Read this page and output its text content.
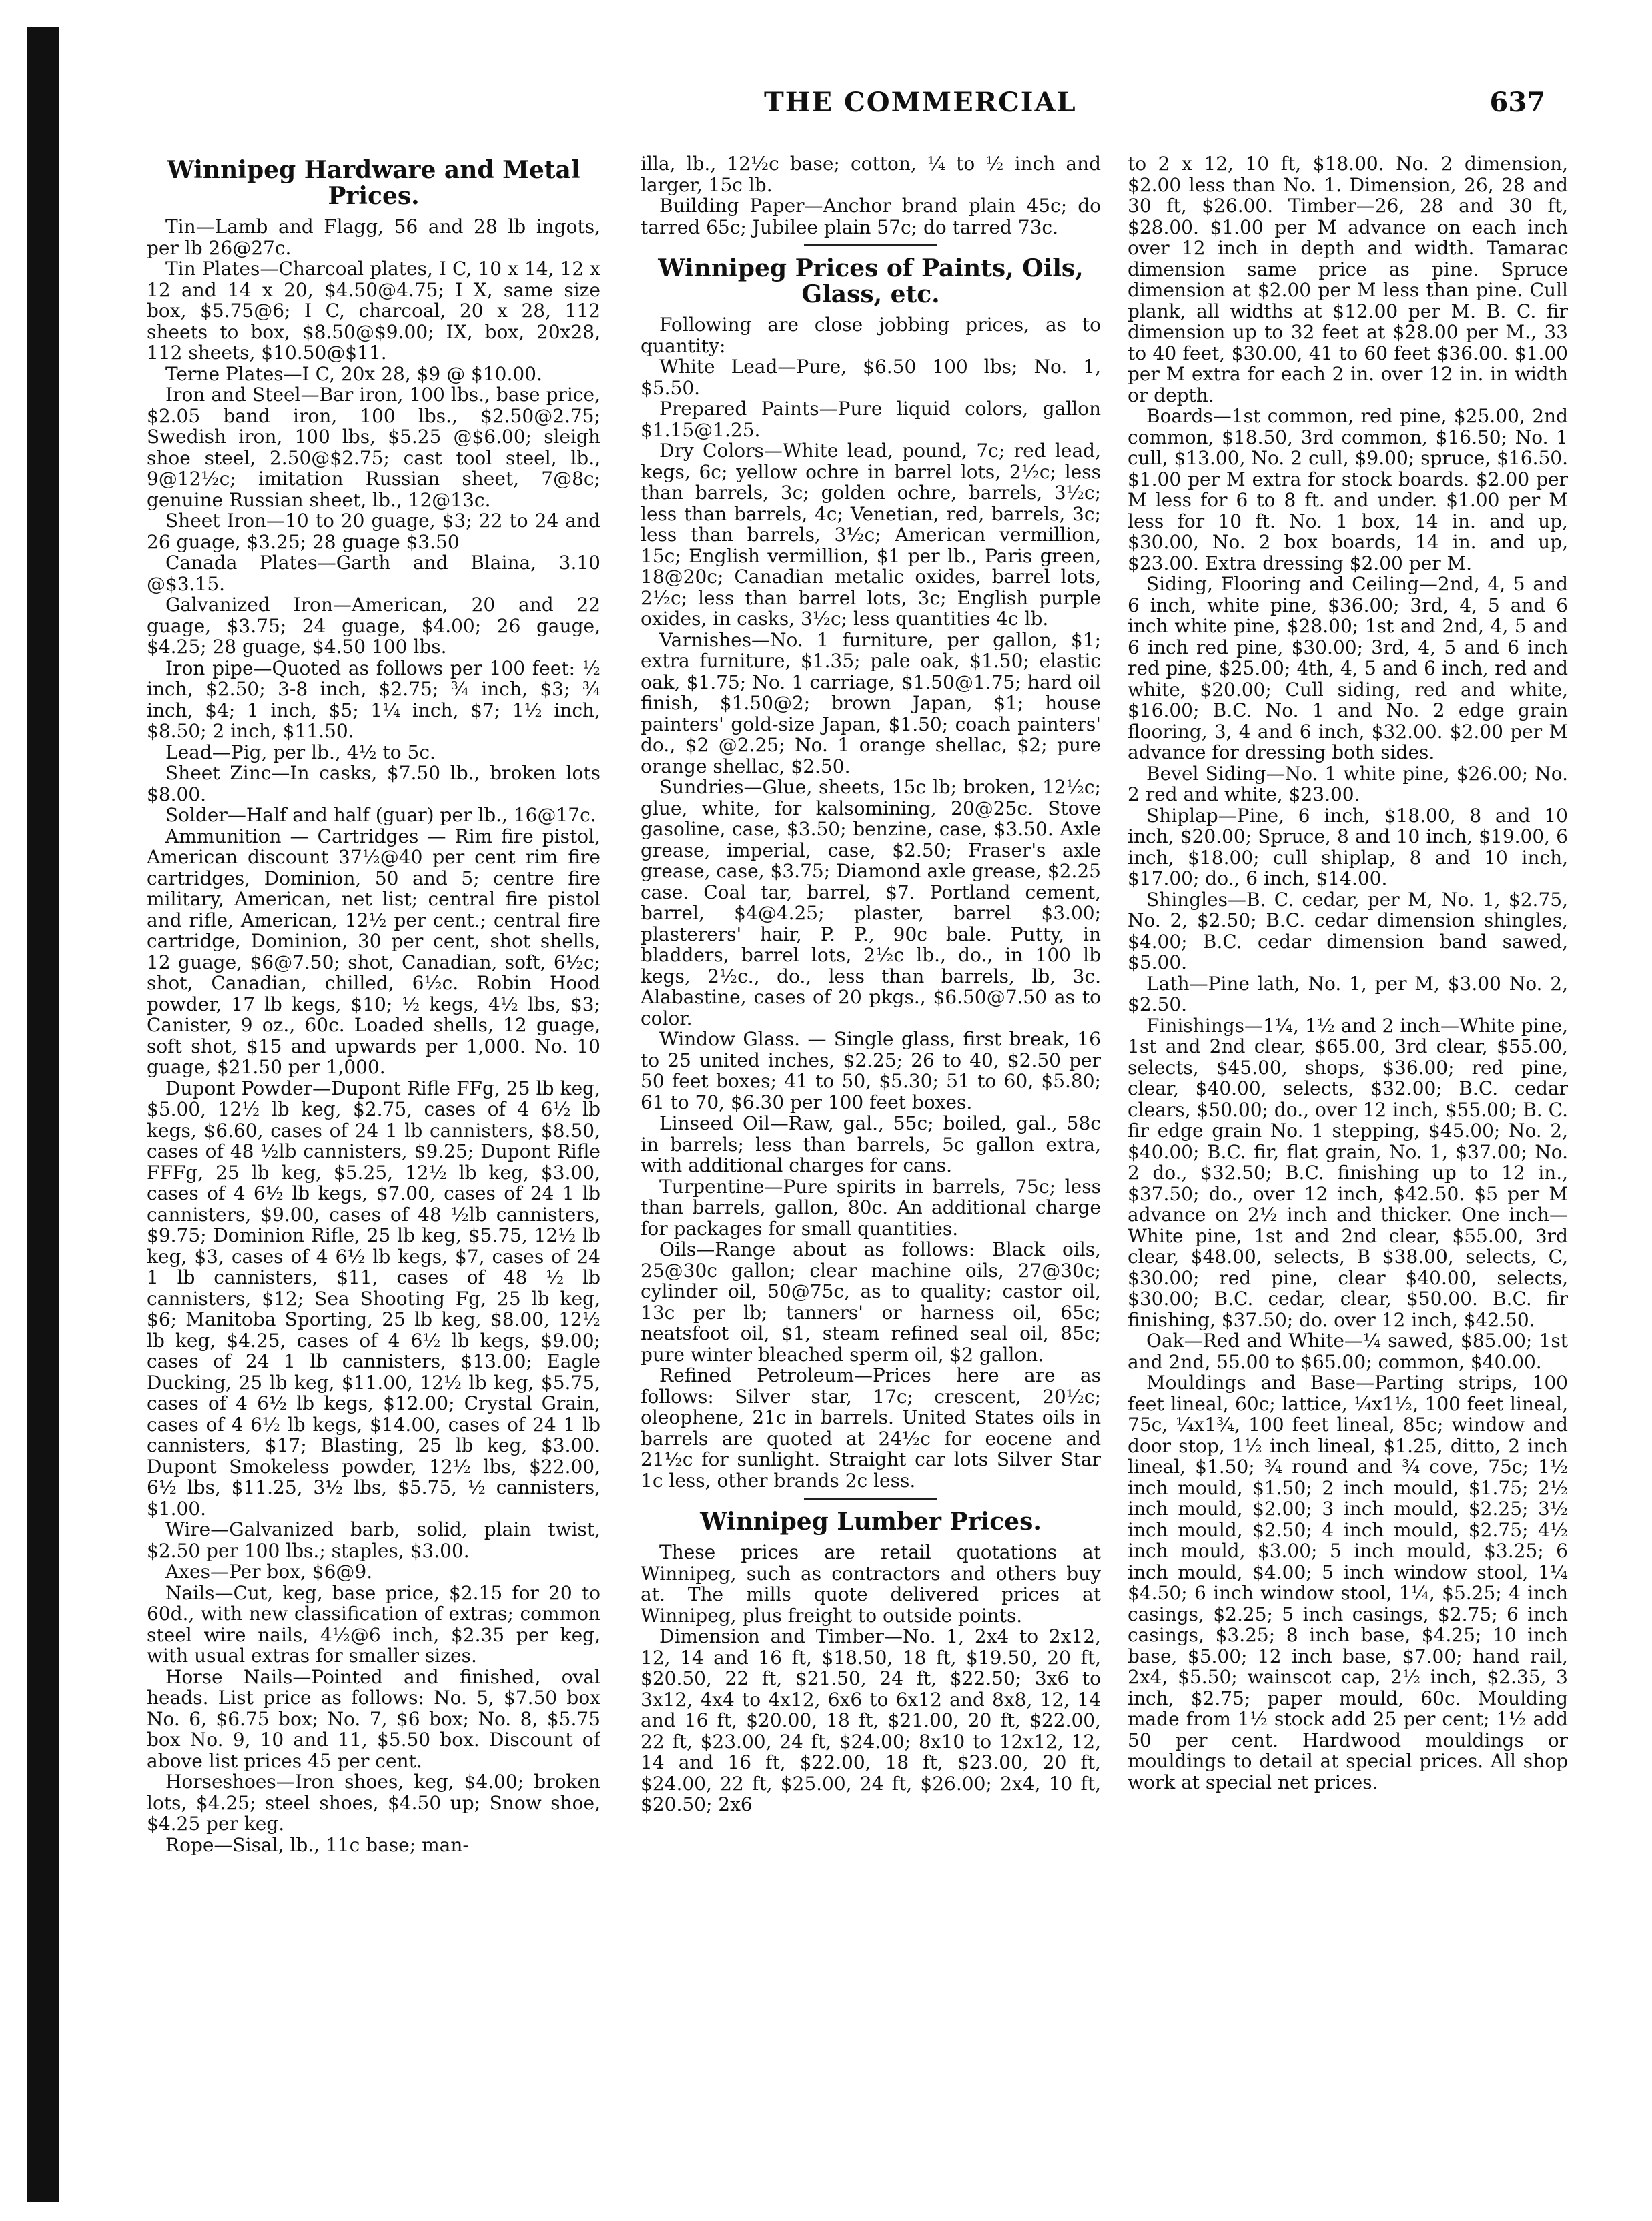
THE COMMERCIAL	637
Winnipeg Hardware and Metal Prices.

Tin—Lamb and Flagg, 56 and 28 lb ingots, per lb 26@27c.

Tin Plates—Charcoal plates, I C, 10 x 14, 12 x 12 and 14 x 20, $4.50@4.75; I X, same size box, $5.75@6; I C, charcoal, 20 x 28, 112 sheets to box, $8.50@$9.00; IX, box, 20x28, 112 sheets, $10.50@$11.

Terne Plates—I C, 20x 28, $9 @ $10.00.

Iron and Steel—Bar iron, 100 lbs., base price, $2.05 band iron, 100 lbs., $2.50@2.75; Swedish iron, 100 lbs, $5.25 @$6.00; sleigh shoe steel, 2.50@$2.75; cast tool steel, lb., 9@12½c; imitation Russian sheet, 7@8c; genuine Russian sheet, lb., 12@13c.

Sheet Iron—10 to 20 guage, $3; 22 to 24 and 26 guage, $3.25; 28 guage $3.50

Canada Plates—Garth and Blaina, 3.10 @$3.15.

Galvanized Iron—American, 20 and 22 guage, $3.75; 24 guage, $4.00; 26 gauge, $4.25; 28 guage, $4.50 100 lbs.

Iron pipe—Quoted as follows per 100 feet: ½ inch, $2.50; 3-8 inch, $2.75; ¾ inch, $3; ¾ inch, $4; 1 inch, $5; 1¼ inch, $7; 1½ inch, $8.50; 2 inch, $11.50.

Lead—Pig, per lb., 4½ to 5c.

Sheet Zinc—In casks, $7.50 lb., broken lots $8.00.

Solder—Half and half (guar) per lb., 16@17c.

Ammunition — Cartridges — Rim fire pistol, American discount 37½@40 per cent rim fire cartridges, Dominion, 50 and 5; centre fire military, American, net list; central fire pistol and rifle, American, 12½ per cent.; central fire cartridge, Dominion, 30 per cent, shot shells, 12 guage, $6@7.50; shot, Canadian, soft, 6½c; shot, Canadian, chilled, 6½c. Robin Hood powder, 17 lb kegs, $10; ½ kegs, 4½ lbs, $3; Canister, 9 oz., 60c. Loaded shells, 12 guage, soft shot, $15 and upwards per 1,000. No. 10 guage, $21.50 per 1,000.

Dupont Powder—Dupont Rifle FFg, 25 lb keg, $5.00, 12½ lb keg, $2.75, cases of 4 6½ lb kegs, $6.60, cases of 24 1 lb cannisters, $8.50, cases of 48 ½lb cannisters, $9.25; Dupont Rifle FFFg, 25 lb keg, $5.25, 12½ lb keg, $3.00, cases of 4 6½ lb kegs, $7.00, cases of 24 1 lb cannisters, $9.00, cases of 48 ½lb cannisters, $9.75; Dominion Rifle, 25 lb keg, $5.75, 12½ lb keg, $3, cases of 4 6½ lb kegs, $7, cases of 24 1 lb cannisters, $11, cases of 48 ½ lb cannisters, $12; Sea Shooting Fg, 25 lb keg, $6; Manitoba Sporting, 25 lb keg, $8.00, 12½ lb keg, $4.25, cases of 4 6½ lb kegs, $9.00; cases of 24 1 lb cannisters, $13.00; Eagle Ducking, 25 lb keg, $11.00, 12½ lb keg, $5.75, cases of 4 6½ lb kegs, $12.00; Crystal Grain, cases of 4 6½ lb kegs, $14.00, cases of 24 1 lb cannisters, $17; Blasting, 25 lb keg, $3.00. Dupont Smokeless powder, 12½ lbs, $22.00, 6½ lbs, $11.25, 3½ lbs, $5.75, ½ cannisters, $1.00.

Wire—Galvanized barb, solid, plain twist, $2.50 per 100 lbs.; staples, $3.00.

Axes—Per box, $6@9.

Nails—Cut, keg, base price, $2.15 for 20 to 60d., with new classification of extras; common steel wire nails, 4½@6 inch, $2.35 per keg, with usual extras for smaller sizes.

Horse Nails—Pointed and finished, oval heads. List price as follows: No. 5, $7.50 box No. 6, $6.75 box; No. 7, $6 box; No. 8, $5.75 box No. 9, 10 and 11, $5.50 box. Discount of above list prices 45 per cent.

Horseshoes—Iron shoes, keg, $4.00; broken lots, $4.25; steel shoes, $4.50 up; Snow shoe, $4.25 per keg.

Rope—Sisal, lb., 11c base; man-

illa, lb., 12½c base; cotton, ¼ to ½ inch and larger, 15c lb.

Building Paper—Anchor brand plain 45c; do tarred 65c; Jubilee plain 57c; do tarred 73c.

Winnipeg Prices of Paints, Oils, Glass, etc.

Following are close jobbing prices, as to quantity:

White Lead—Pure, $6.50 100 lbs; No. 1, $5.50.

Prepared Paints—Pure liquid colors, gallon $1.15@1.25.

Dry Colors—White lead, pound, 7c; red lead, kegs, 6c; yellow ochre in barrel lots, 2½c; less than barrels, 3c; golden ochre, barrels, 3½c; less than barrels, 4c; Venetian, red, barrels, 3c; less than barrels, 3½c; American vermillion, 15c; English vermillion, $1 per lb., Paris green, 18@20c; Canadian metalic oxides, barrel lots, 2½c; less than barrel lots, 3c; English purple oxides, in casks, 3½c; less quantities 4c lb.

Varnishes—No. 1 furniture, per gallon, $1; extra furniture, $1.35; pale oak, $1.50; elastic oak, $1.75; No. 1 carriage, $1.50@1.75; hard oil finish, $1.50@2; brown Japan, $1; house painters' gold-size Japan, $1.50; coach painters' do., $2 @2.25; No. 1 orange shellac, $2; pure orange shellac, $2.50.

Sundries—Glue, sheets, 15c lb; broken, 12½c; glue, white, for kalsomining, 20@25c. Stove gasoline, case, $3.50; benzine, case, $3.50. Axle grease, imperial, case, $2.50; Fraser's axle grease, case, $3.75; Diamond axle grease, $2.25 case. Coal tar, barrel, $7. Portland cement, barrel, $4@4.25; plaster, barrel $3.00; plasterers' hair, P. P., 90c bale. Putty, in bladders, barrel lots, 2½c lb., do., in 100 lb kegs, 2½c., do., less than barrels, lb, 3c. Alabastine, cases of 20 pkgs., $6.50@7.50 as to color.

Window Glass. — Single glass, first break, 16 to 25 united inches, $2.25; 26 to 40, $2.50 per 50 feet boxes; 41 to 50, $5.30; 51 to 60, $5.80; 61 to 70, $6.30 per 100 feet boxes.

Linseed Oil—Raw, gal., 55c; boiled, gal., 58c in barrels; less than barrels, 5c gallon extra, with additional charges for cans.

Turpentine—Pure spirits in barrels, 75c; less than barrels, gallon, 80c. An additional charge for packages for small quantities.

Oils—Range about as follows: Black oils, 25@30c gallon; clear machine oils, 27@30c; cylinder oil, 50@75c, as to quality; castor oil, 13c per lb; tanners' or harness oil, 65c; neatsfoot oil, $1, steam refined seal oil, 85c; pure winter bleached sperm oil, $2 gallon.

Refined Petroleum—Prices here are as follows: Silver star, 17c; crescent, 20½c; oleophene, 21c in barrels. United States oils in barrels are quoted at 24½c for eocene and 21½c for sunlight. Straight car lots Silver Star 1c less, other brands 2c less.

Winnipeg Lumber Prices.

These prices are retail quotations at Winnipeg, such as contractors and others buy at. The mills quote delivered prices at Winnipeg, plus freight to outside points.

Dimension and Timber—No. 1, 2x4 to 2x12, 12, 14 and 16 ft, $18.50, 18 ft, $19.50, 20 ft, $20.50, 22 ft, $21.50, 24 ft, $22.50; 3x6 to 3x12, 4x4 to 4x12, 6x6 to 6x12 and 8x8, 12, 14 and 16 ft, $20.00, 18 ft, $21.00, 20 ft, $22.00, 22 ft, $23.00, 24 ft, $24.00; 8x10 to 12x12, 12, 14 and 16 ft, $22.00, 18 ft, $23.00, 20 ft, $24.00, 22 ft, $25.00, 24 ft, $26.00; 2x4, 10 ft, $20.50; 2x6

to 2 x 12, 10 ft, $18.00. No. 2 dimension, $2.00 less than No. 1. Dimension, 26, 28 and 30 ft, $26.00. Timber—26, 28 and 30 ft, $28.00. $1.00 per M advance on each inch over 12 inch in depth and width. Tamarac dimension same price as pine. Spruce dimension at $2.00 per M less than pine. Cull plank, all widths at $12.00 per M. B. C. fir dimension up to 32 feet at $28.00 per M., 33 to 40 feet, $30.00, 41 to 60 feet $36.00. $1.00 per M extra for each 2 in. over 12 in. in width or depth.

Boards—1st common, red pine, $25.00, 2nd common, $18.50, 3rd common, $16.50; No. 1 cull, $13.00, No. 2 cull, $9.00; spruce, $16.50. $1.00 per M extra for stock boards. $2.00 per M less for 6 to 8 ft. and under. $1.00 per M less for 10 ft. No. 1 box, 14 in. and up, $30.00, No. 2 box boards, 14 in. and up, $23.00. Extra dressing $2.00 per M.

Siding, Flooring and Ceiling—2nd, 4, 5 and 6 inch, white pine, $36.00; 3rd, 4, 5 and 6 inch white pine, $28.00; 1st and 2nd, 4, 5 and 6 inch red pine, $30.00; 3rd, 4, 5 and 6 inch red pine, $25.00; 4th, 4, 5 and 6 inch, red and white, $20.00; Cull siding, red and white, $16.00; B.C. No. 1 and No. 2 edge grain flooring, 3, 4 and 6 inch, $32.00. $2.00 per M advance for dressing both sides.

Bevel Siding—No. 1 white pine, $26.00; No. 2 red and white, $23.00.

Shiplap—Pine, 6 inch, $18.00, 8 and 10 inch, $20.00; Spruce, 8 and 10 inch, $19.00, 6 inch, $18.00; cull shiplap, 8 and 10 inch, $17.00; do., 6 inch, $14.00.

Shingles—B. C. cedar, per M, No. 1, $2.75, No. 2, $2.50; B.C. cedar dimension shingles, $4.00; B.C. cedar dimension band sawed, $5.00.

Lath—Pine lath, No. 1, per M, $3.00 No. 2, $2.50.

Finishings—1¼, 1½ and 2 inch—White pine, 1st and 2nd clear, $65.00, 3rd clear, $55.00, selects, $45.00, shops, $36.00; red pine, clear, $40.00, selects, $32.00; B.C. cedar clears, $50.00; do., over 12 inch, $55.00; B. C. fir edge grain No. 1 stepping, $45.00; No. 2, $40.00; B.C. fir, flat grain, No. 1, $37.00; No. 2 do., $32.50; B.C. finishing up to 12 in., $37.50; do., over 12 inch, $42.50. $5 per M advance on 2½ inch and thicker. One inch—White pine, 1st and 2nd clear, $55.00, 3rd clear, $48.00, selects, B $38.00, selects, C, $30.00; red pine, clear $40.00, selects, $30.00; B.C. cedar, clear, $50.00. B.C. fir finishing, $37.50; do. over 12 inch, $42.50.

Oak—Red and White—¼ sawed, $85.00; 1st and 2nd, 55.00 to $65.00; common, $40.00.

Mouldings and Base—Parting strips, 100 feet lineal, 60c; lattice, ¼x1½, 100 feet lineal, 75c, ¼x1¾, 100 feet lineal, 85c; window and door stop, 1½ inch lineal, $1.25, ditto, 2 inch lineal, $1.50; ¾ round and ¾ cove, 75c; 1½ inch mould, $1.50; 2 inch mould, $1.75; 2½ inch mould, $2.00; 3 inch mould, $2.25; 3½ inch mould, $2.50; 4 inch mould, $2.75; 4½ inch mould, $3.00; 5 inch mould, $3.25; 6 inch mould, $4.00; 5 inch window stool, 1¼ $4.50; 6 inch window stool, 1¼, $5.25; 4 inch casings, $2.25; 5 inch casings, $2.75; 6 inch casings, $3.25; 8 inch base, $4.25; 10 inch base, $5.00; 12 inch base, $7.00; hand rail, 2x4, $5.50; wainscot cap, 2½ inch, $2.35, 3 inch, $2.75; paper mould, 60c. Moulding made from 1½ stock add 25 per cent; 1½ add 50 per cent. Hardwood mouldings or mouldings to detail at special prices. All shop work at special net prices.
